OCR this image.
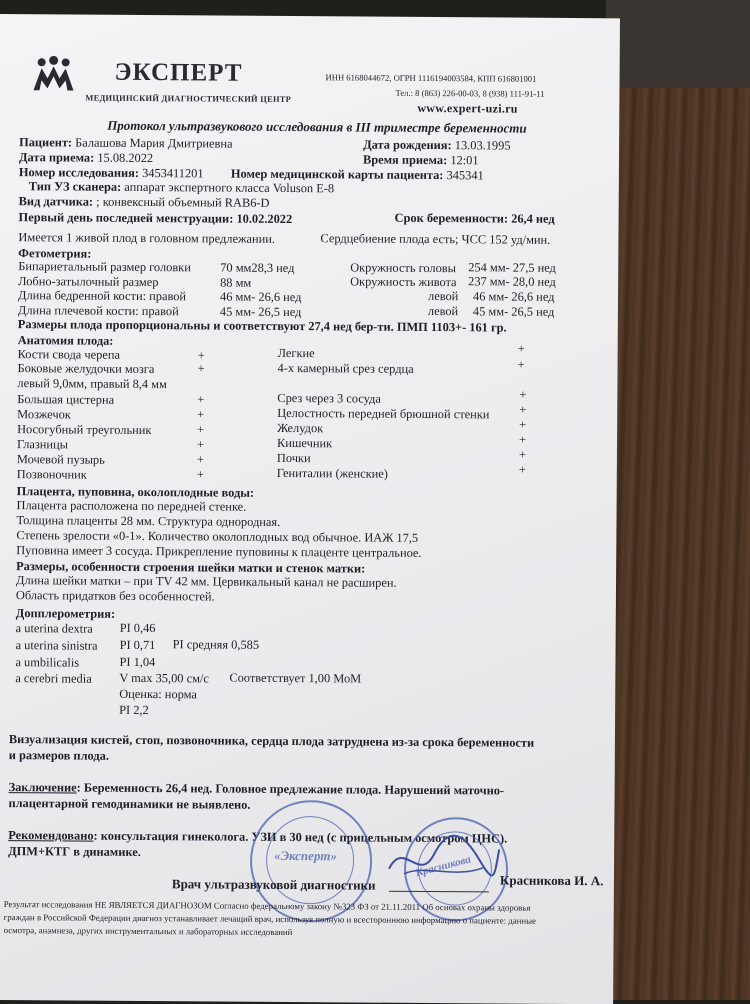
ЭКСПЕРТ
МЕДИЦИНСКИЙ ДИАГНОСТИЧЕСКИЙ ЦЕНТР
ИНН 6168044672, ОГРН 1116194003584, КПП 616801001
Тел.: 8 (863) 226-00-03, 8 (938) 111-91-11
www.expert-uzi.ru
Протокол ультразвукового исследования в III триместре беременности
Пациент: Балашова Мария Дмитриевна	Дата рождения: 13.03.1995
Дата приема: 15.08.2022	Время приема: 12:01
Номер исследования: 3453411201 Номер медицинской карты пациента: 345341
Тип УЗ сканера: аппарат экспертного класса Voluson E-8
Вид датчика: ; конвексный объемный RAB6-D
Первый день последней менструации: 10.02.2022	Срок беременности: 26,4 нед
Имеется 1 живой плод в головном предлежании.	Сердцебиение плода есть; ЧСС 152 уд/мин.
Фетометрия:
Бипариетальный размер головки 70 мм28,3 нед	Окружность головы 254 мм- 27,5 нед
Лобно-затылочный размер	88 мм	Окружность живота 237 мм- 28,0 нед
Длина бедренной кости: правой	46 мм- 26,6 нед	левой 46 мм- 26,6 нед
Длина плечевой кости: правой	45 мм- 26,5 нед	левой 45 мм- 26,5 нед
Размеры плода пропорциональны и соответствуют 27,4 нед бер-ти. ПМП 1103+- 161 гр.
Анатомия плода:
Кости свода черепа	+
Боковые желудочки мозга	+
левый 9,0мм, правый 8,4 мм
Большая цистерна	+
Мозжечок	+
Носогубный треугольник	+
Глазницы	+
Мочевой пузырь	+
Позвоночник	+
Легкие	+
4-х камерный срез сердца	+
Срез через 3 сосуда	+
Целостность передней брюшной стенки +
Желудок	+
Кишечник	+
Почки	+
Гениталии (женские)	+
Плацента, пуповина, околоплодные воды:
Плацента расположена по передней стенке.
Толщина плаценты 28 мм. Структура однородная.
Степень зрелости «0-1». Количество околоплодных вод обычное. ИАЖ 17,5
Пуповина имеет 3 сосуда. Прикрепление пуповины к плаценте центральное.
Размеры, особенности строения шейки матки и стенок матки:
Длина шейки матки – при TV 42 мм. Цервикальный канал не расширен.
Область придатков без особенностей.
Допплерометрия:
a uterina dextra PI 0,46
a uterina sinistra PI 0,71 PI средняя 0,585
a umbilicalis	PI 1,04
a cerebri media V max 35,00 см/с Соответствует 1,00 МоМ
Оценка: норма
PI 2,2
Визуализация кистей, стоп, позвоночника, сердца плода затруднена из-за срока беременности
и размеров плода.
Заключение: Беременность 26,4 нед. Головное предлежание плода. Нарушений маточно-
плацентарной гемодинамики не выявлено.
Рекомендовано: консультация гинеколога. УЗИ в 30 нед (с прицельным осмотром ЦНС).
ДПМ+КТГ в динамике.	«Эксперт»	Красникова
Врач ультразвуковой диагностики	Красникова И. А.
Результат исследования НЕ ЯВЛЯЕТСЯ ДИАГНОЗОМ Согласно федеральному закону №323 ФЗ от 21.11.2011 Об основах охраны здоровья
граждан в Российской Федерации диагноз устанавливает лечащий врач, используя полную и всестороннюю информацию о пациенте: данные
осмотра, анамнеза, других инструментальных и лабораторных исследований
